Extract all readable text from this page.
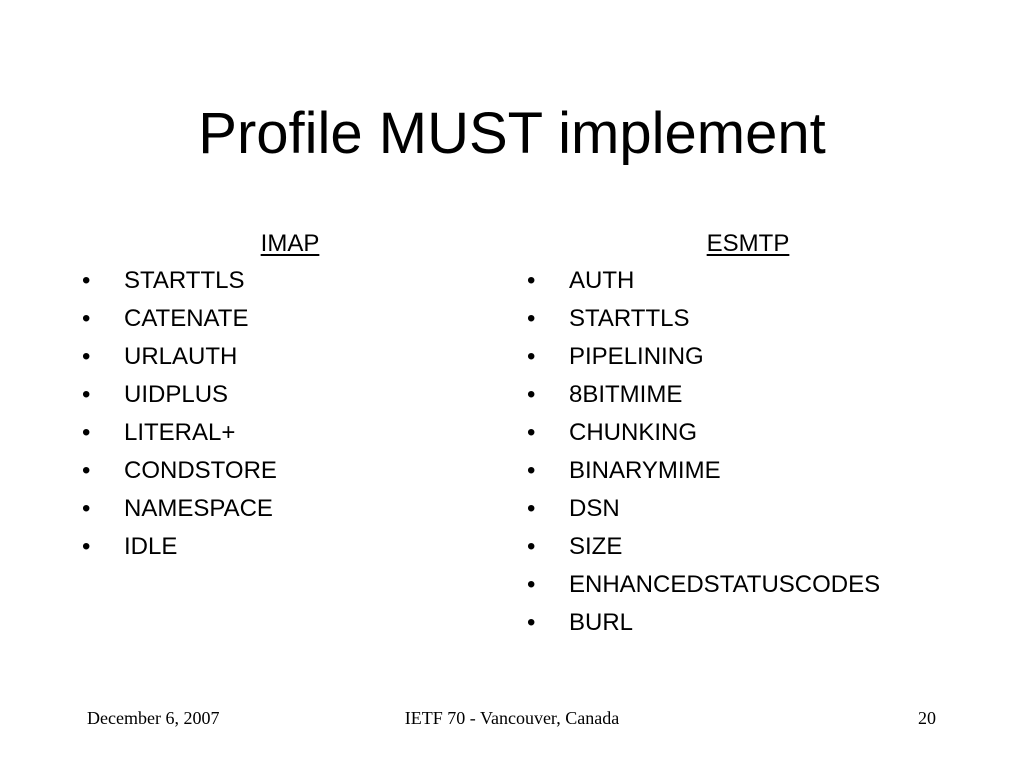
Profile MUST implement
IMAP
•	STARTTLS
•	CATENATE
•	URLAUTH
•	UIDPLUS
•	LITERAL+
•	CONDSTORE
•	NAMESPACE
•	IDLE
ESMTP
•	AUTH
•	STARTTLS
•	PIPELINING
•	8BITMIME
•	CHUNKING
•	BINARYMIME
•	DSN
•	SIZE
•	ENHANCEDSTATUSCODES
•	BURL
December 6, 2007	IETF 70 - Vancouver, Canada	20
